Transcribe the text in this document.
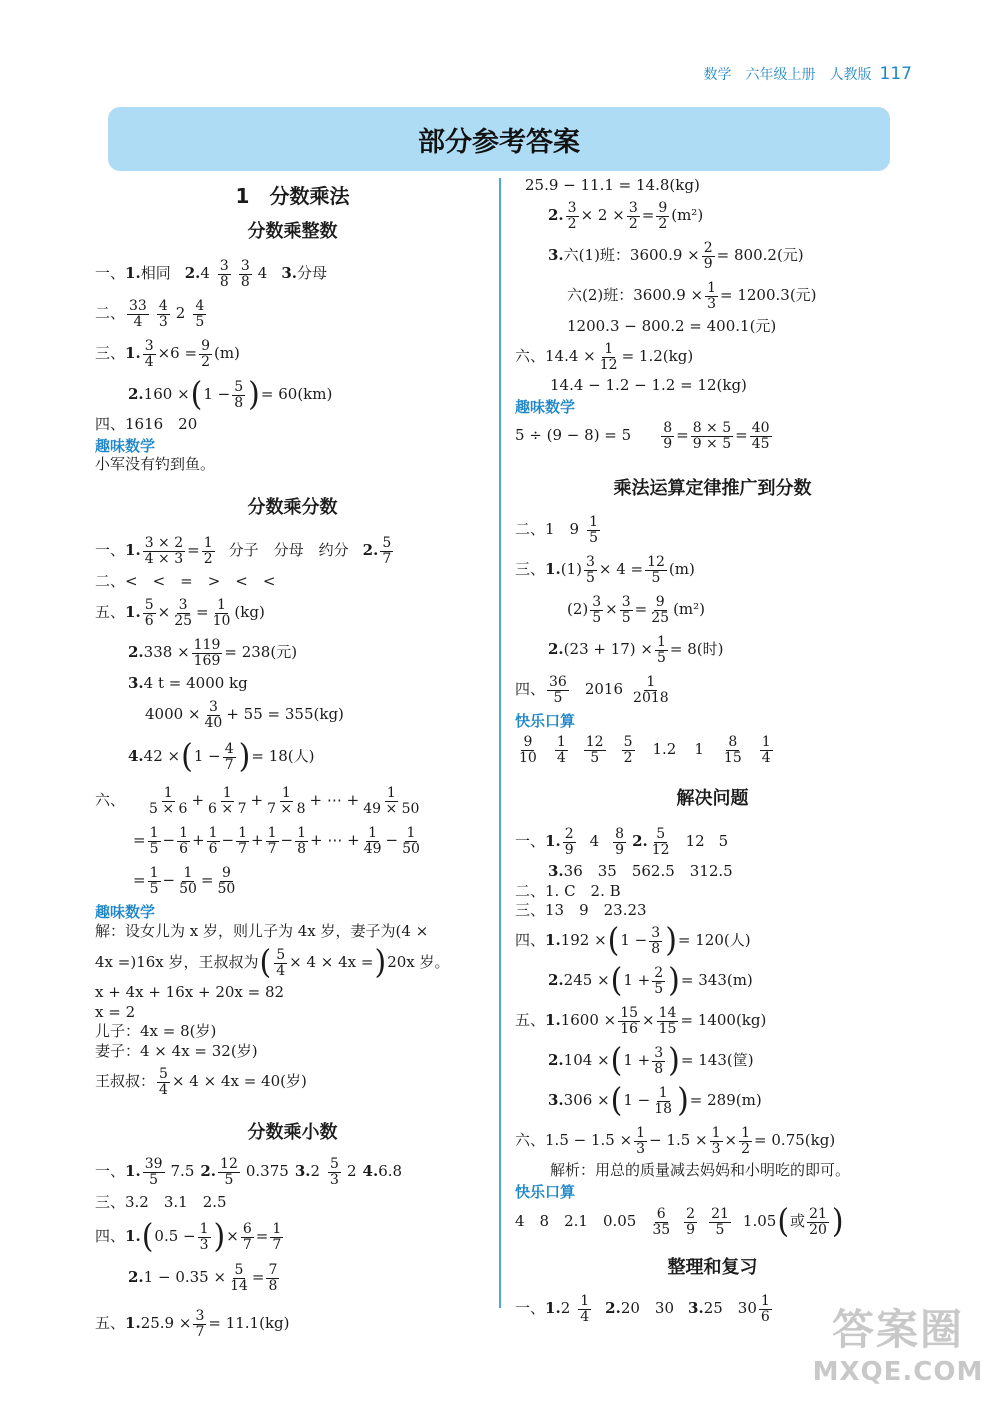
数学 六年级上册 人教版 117
部分参考答案
1　分数乘法
分数乘整数
一、 1. 相同 2. $4 \frac{3}{8} \frac{3}{8} 4$ 3. 分母
二、 $\frac{33}{4} \frac{4}{3} 2 \frac{4}{5}$
三、 1. $\frac{3}{4} \times 6 = \frac{9}{2} (m)$
2. 160 × ( $1 - \frac{5}{8}$ ) = 60(km)
四、1616　20
趣味数学
小军没有钓到鱼。
分数乘分数
一、 1. $\frac{3 \times 2}{4 \times 3} = \frac{1}{2}$ 分子　分母　约分 2. $\frac{5}{7}$
二、<　<　=　>　<　<
五、 1. $\frac{5}{6} \times \frac{3}{25} = \frac{1}{10} (kg)$
2. $338 \times \frac{119}{169} = 238$(元)
3. 4 t = 4000 kg
$4000 \times \frac{3}{40} + 55 = 355(kg)$
4. 42 × ( $1 - \frac{4}{7}$ ) = 18(人)
六、	$\frac{1}{5 \times 6} + \frac{1}{6 \times 7} + \frac{1}{7 \times 8}$ + ⋯ + $\frac{1}{49 \times 50}$
= $\frac{1}{5} - \frac{1}{6} + \frac{1}{6} - \frac{1}{7} + \frac{1}{7} - \frac{1}{8}$ + ⋯ + $\frac{1}{49} - \frac{1}{50}$
= $\frac{1}{5} - \frac{1}{50} = \frac{9}{50}$
趣味数学
解：设女儿为 x 岁，则儿子为 4x 岁，妻子为(4 ×
4x =)16x 岁，王叔叔为 ( $\frac{5}{4} \times 4 \times 4x$ = ) 20x 岁。
x + 4x + 16x + 20x = 82
x = 2
儿子：4x = 8(岁)
妻子：4 × 4x = 32(岁)
王叔叔： $\frac{5}{4} \times 4 \times 4x = 40$(岁)
分数乘小数
一、 1. $\frac{39}{5} 7.5$ 2. $\frac{12}{5} 0.375$ 3. $2 \frac{5}{3} 2$ 4. 6.8
三、3.2　3.1　2.5
四、 1. ( $0.5 - \frac{1}{3}$ ) × $\frac{6}{7} = \frac{1}{7}$
2. $1 - 0.35 \times \frac{5}{14} = \frac{7}{8}$
五、 1. $25.9 \times \frac{3}{7} = 11.1(kg)$
25.9 − 11.1 = 14.8(kg)
2. $\frac{3}{2} \times 2 \times \frac{3}{2} = \frac{9}{2} (m^2)$
3. 六(1)班：$3600.9 \times \frac{2}{9} = 800.2$(元)
六(2)班：$3600.9 \times \frac{1}{3} = 1200.3$(元)
1200.3 − 800.2 = 400.1(元)
六、 $14.4 \times \frac{1}{12} = 1.2(kg)$
14.4 − 1.2 − 1.2 = 12(kg)
趣味数学
$5 \div (9 - 8) = 5 \frac{8}{9} = \frac{8 \times 5}{9 \times 5} = \frac{40}{45}$
乘法运算定律推广到分数
二、 1　$9 \frac{1}{5}$
三、 1. $(1) \frac{3}{5} \times 4 = \frac{12}{5} (m)$
$(2) \frac{3}{5} \times \frac{3}{5} = \frac{9}{25} (m^2)$
2. $(23 + 17) \times \frac{1}{5} = 8$(时)
四、 $\frac{36}{5} 2016 \frac{1}{2018}$
快乐口算
$\frac{9}{10} \frac{1}{4} \frac{12}{5} \frac{5}{2} 1.2$ $1 \frac{8}{15} \frac{1}{4}$
解决问题
一、 1. $\frac{2}{9} 4 \frac{8}{9} 2$. $\frac{5}{12} 12$ 5
3. 36　35　562.5　312.5
二、1. C　2. B
三、13　9　23.23
四、 1. 192 × ( $1 - \frac{3}{8}$ ) = 120(人)
2. 245 × ( $1 + \frac{2}{5}$ ) = 343(m)
五、 1. $1600 \times \frac{15}{16} \times \frac{14}{15} = 1400(kg)$
2. 104 × ( $1 + \frac{3}{8}$ ) = 143(筐)
3. 306 × ( $1 - \frac{1}{18}$ ) = 289(m)
六、 $1.5 - 1.5 \times \frac{1}{3} - 1.5 \times \frac{1}{3} \times \frac{1}{2} = 0.75(kg)$
解析：用总的质量减去妈妈和小明吃的即可。
快乐口算
4　8　2.1　$0.05 \frac{6}{35} \frac{2}{9} \frac{21}{5} 1.05$ ( 或 $\frac{21}{20}$ )
整理和复习
一、 1. $2 \frac{1}{4} 2$. 20　30 3. 25　$30 \frac{1}{6}$	答案圈
MXQE.COM
